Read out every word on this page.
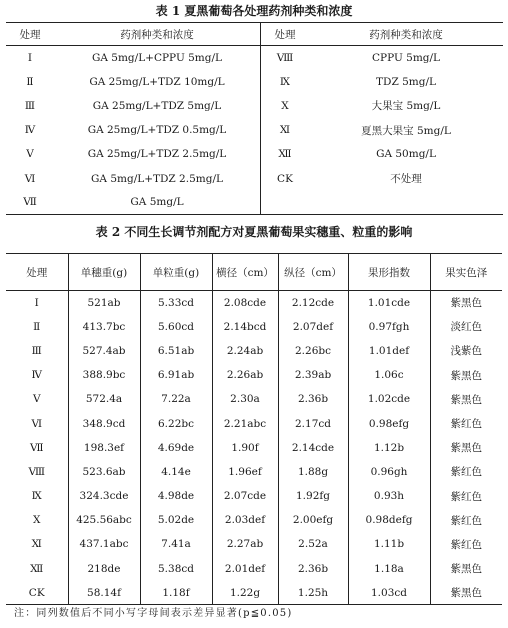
表 1 夏黑葡萄各处理药剂种类和浓度
处理	药剂种类和浓度	处理	药剂种类和浓度
Ⅰ	GA 5mg/L+CPPU 5mg/L	Ⅷ	CPPU 5mg/L
Ⅱ	GA 25mg/L+TDZ 10mg/L	Ⅸ	TDZ 5mg/L
Ⅲ	GA 25mg/L+TDZ 5mg/L	Ⅹ	大果宝 5mg/L
Ⅳ	GA 25mg/L+TDZ 0.5mg/L	Ⅺ	夏黑大果宝 5mg/L
Ⅴ	GA 25mg/L+TDZ 2.5mg/L	Ⅻ	GA 50mg/L
Ⅵ	GA 5mg/L+TDZ 2.5mg/L	CK	不处理
Ⅶ	GA 5mg/L		
表 2 不同生长调节剂配方对夏黑葡萄果实穗重、粒重的影响
处理	单穗重(g)	单粒重(g)	横径（cm）	纵径（cm）	果形指数	果实色泽
Ⅰ	521ab	5.33cd	2.08cde	2.12cde	1.01cde	紫黑色
Ⅱ	413.7bc	5.60cd	2.14bcd	2.07def	0.97fgh	淡红色
Ⅲ	527.4ab	6.51ab	2.24ab	2.26bc	1.01def	浅紫色
Ⅳ	388.9bc	6.91ab	2.26ab	2.39ab	1.06c	紫黑色
Ⅴ	572.4a	7.22a	2.30a	2.36b	1.02cde	紫黑色
Ⅵ	348.9cd	6.22bc	2.21abc	2.17cd	0.98efg	紫红色
Ⅶ	198.3ef	4.69de	1.90f	2.14cde	1.12b	紫黑色
Ⅷ	523.6ab	4.14e	1.96ef	1.88g	0.96gh	紫红色
Ⅸ	324.3cde	4.98de	2.07cde	1.92fg	0.93h	紫红色
Ⅹ	425.56abc	5.02de	2.03def	2.00efg	0.98defg	紫红色
Ⅺ	437.1abc	7.41a	2.27ab	2.52a	1.11b	紫红色
Ⅻ	218de	5.38cd	2.01def	2.36b	1.18a	紫黑色
CK	58.14f	1.18f	1.22g	1.25h	1.03cd	紫黑色
注：同列数值后不同小写字母间表示差异显著(p≦0.05)
